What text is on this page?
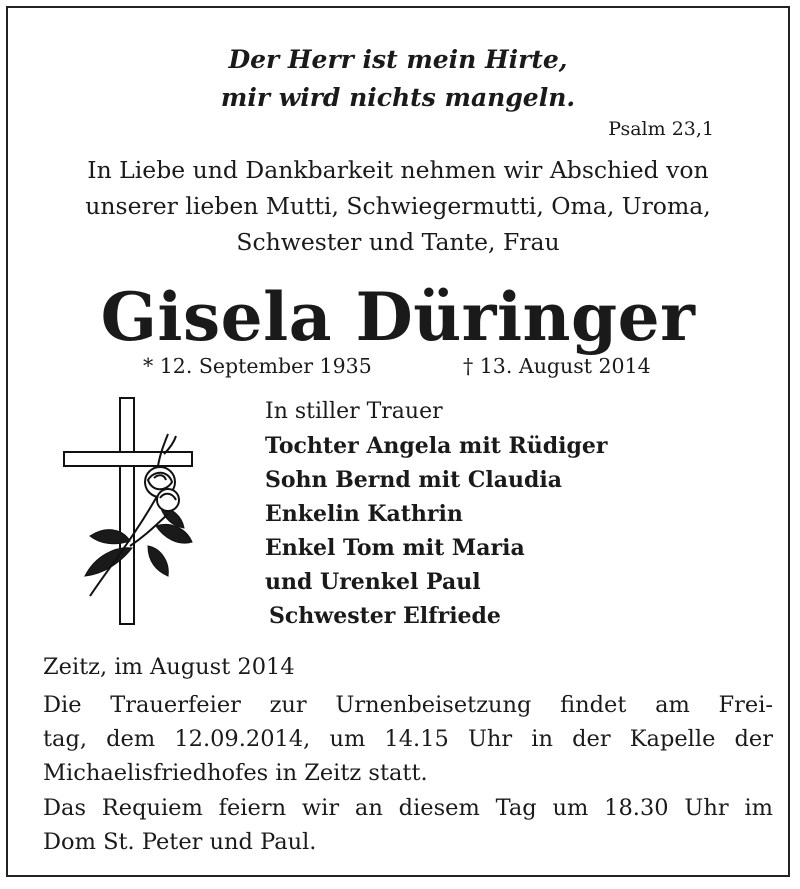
Der Herr ist mein Hirte,

mir wird nichts mangeln.

Psalm 23,1

In Liebe und Dankbarkeit nehmen wir Abschied von

unserer lieben Mutti, Schwiegermutti, Oma, Uroma,

Schwester und Tante, Frau

Gisela Düringer

* 12. September 1935	† 13. August 2014

In stiller Trauer
Tochter Angela mit Rüdiger
Sohn Bernd mit Claudia
Enkelin Kathrin
Enkel Tom mit Maria
und Urenkel Paul
Schwester Elfriede

Zeitz, im August 2014

Die Trauerfeier zur Urnenbeisetzung findet am Frei-

tag, dem 12.09.2014, um 14.15 Uhr in der Kapelle der

Michaelisfriedhofes in Zeitz statt.

Das Requiem feiern wir an diesem Tag um 18.30 Uhr im

Dom St. Peter und Paul.
